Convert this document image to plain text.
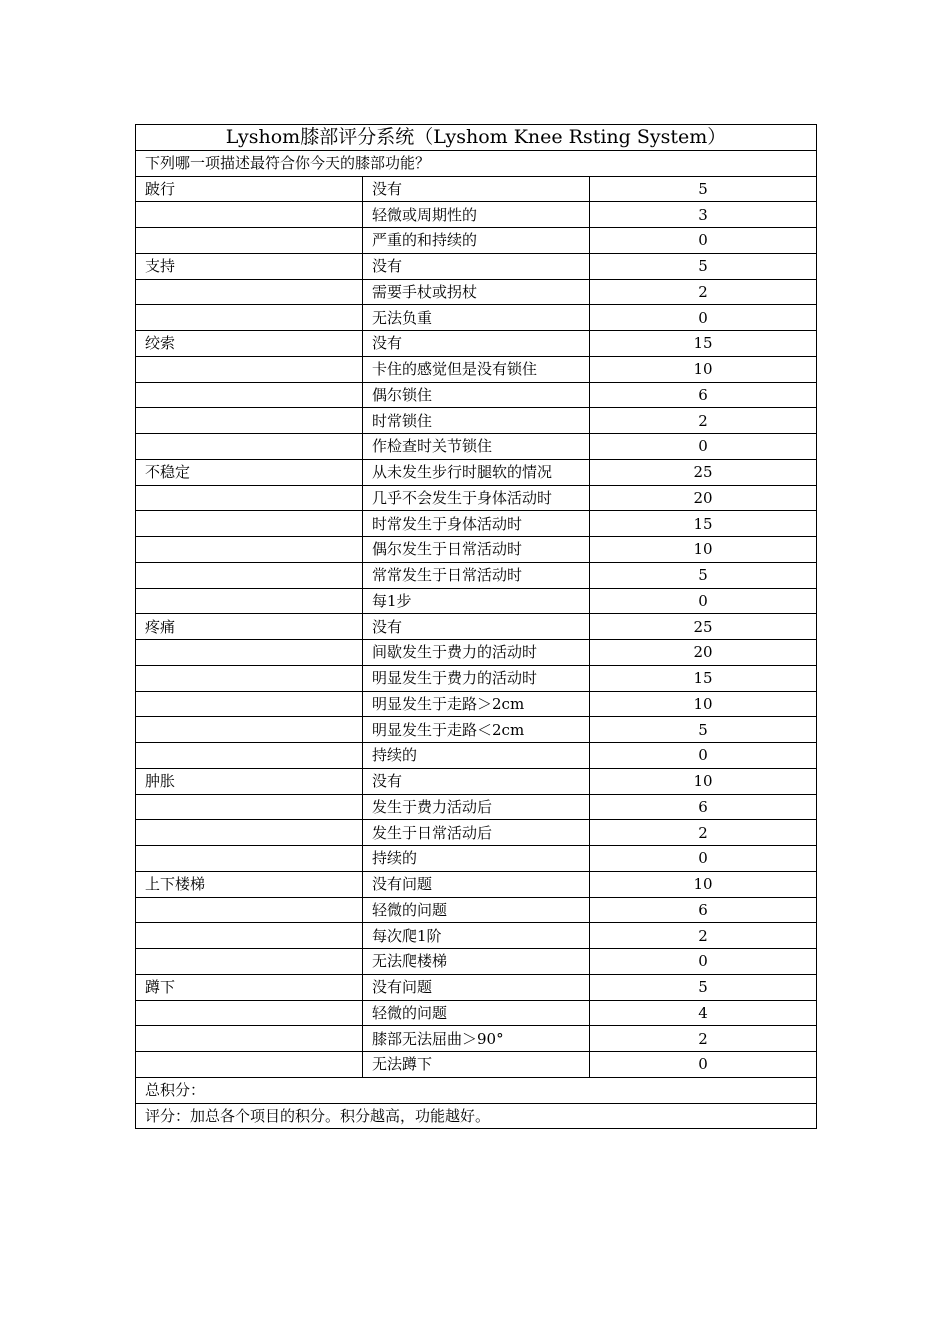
Lyshom膝部评分系统（Lyshom Knee Rsting System）		
下列哪一项描述最符合你今天的膝部功能？		
跛行	没有	5
	轻微或周期性的	3
	严重的和持续的	0
支持	没有	5
	需要手杖或拐杖	2
	无法负重	0
绞索	没有	15
	卡住的感觉但是没有锁住	10
	偶尔锁住	6
	时常锁住	2
	作检查时关节锁住	0
不稳定	从未发生步行时腿软的情况	25
	几乎不会发生于身体活动时	20
	时常发生于身体活动时	15
	偶尔发生于日常活动时	10
	常常发生于日常活动时	5
	每1步	0
疼痛	没有	25
	间歇发生于费力的活动时	20
	明显发生于费力的活动时	15
	明显发生于走路＞2cm	10
	明显发生于走路＜2cm	5
	持续的	0
肿胀	没有	10
	发生于费力活动后	6
	发生于日常活动后	2
	持续的	0
上下楼梯	没有问题	10
	轻微的问题	6
	每次爬1阶	2
	无法爬楼梯	0
蹲下	没有问题	5
	轻微的问题	4
	膝部无法屈曲＞90°	2
	无法蹲下	0
总积分：		
评分：加总各个项目的积分。积分越高，功能越好。		
